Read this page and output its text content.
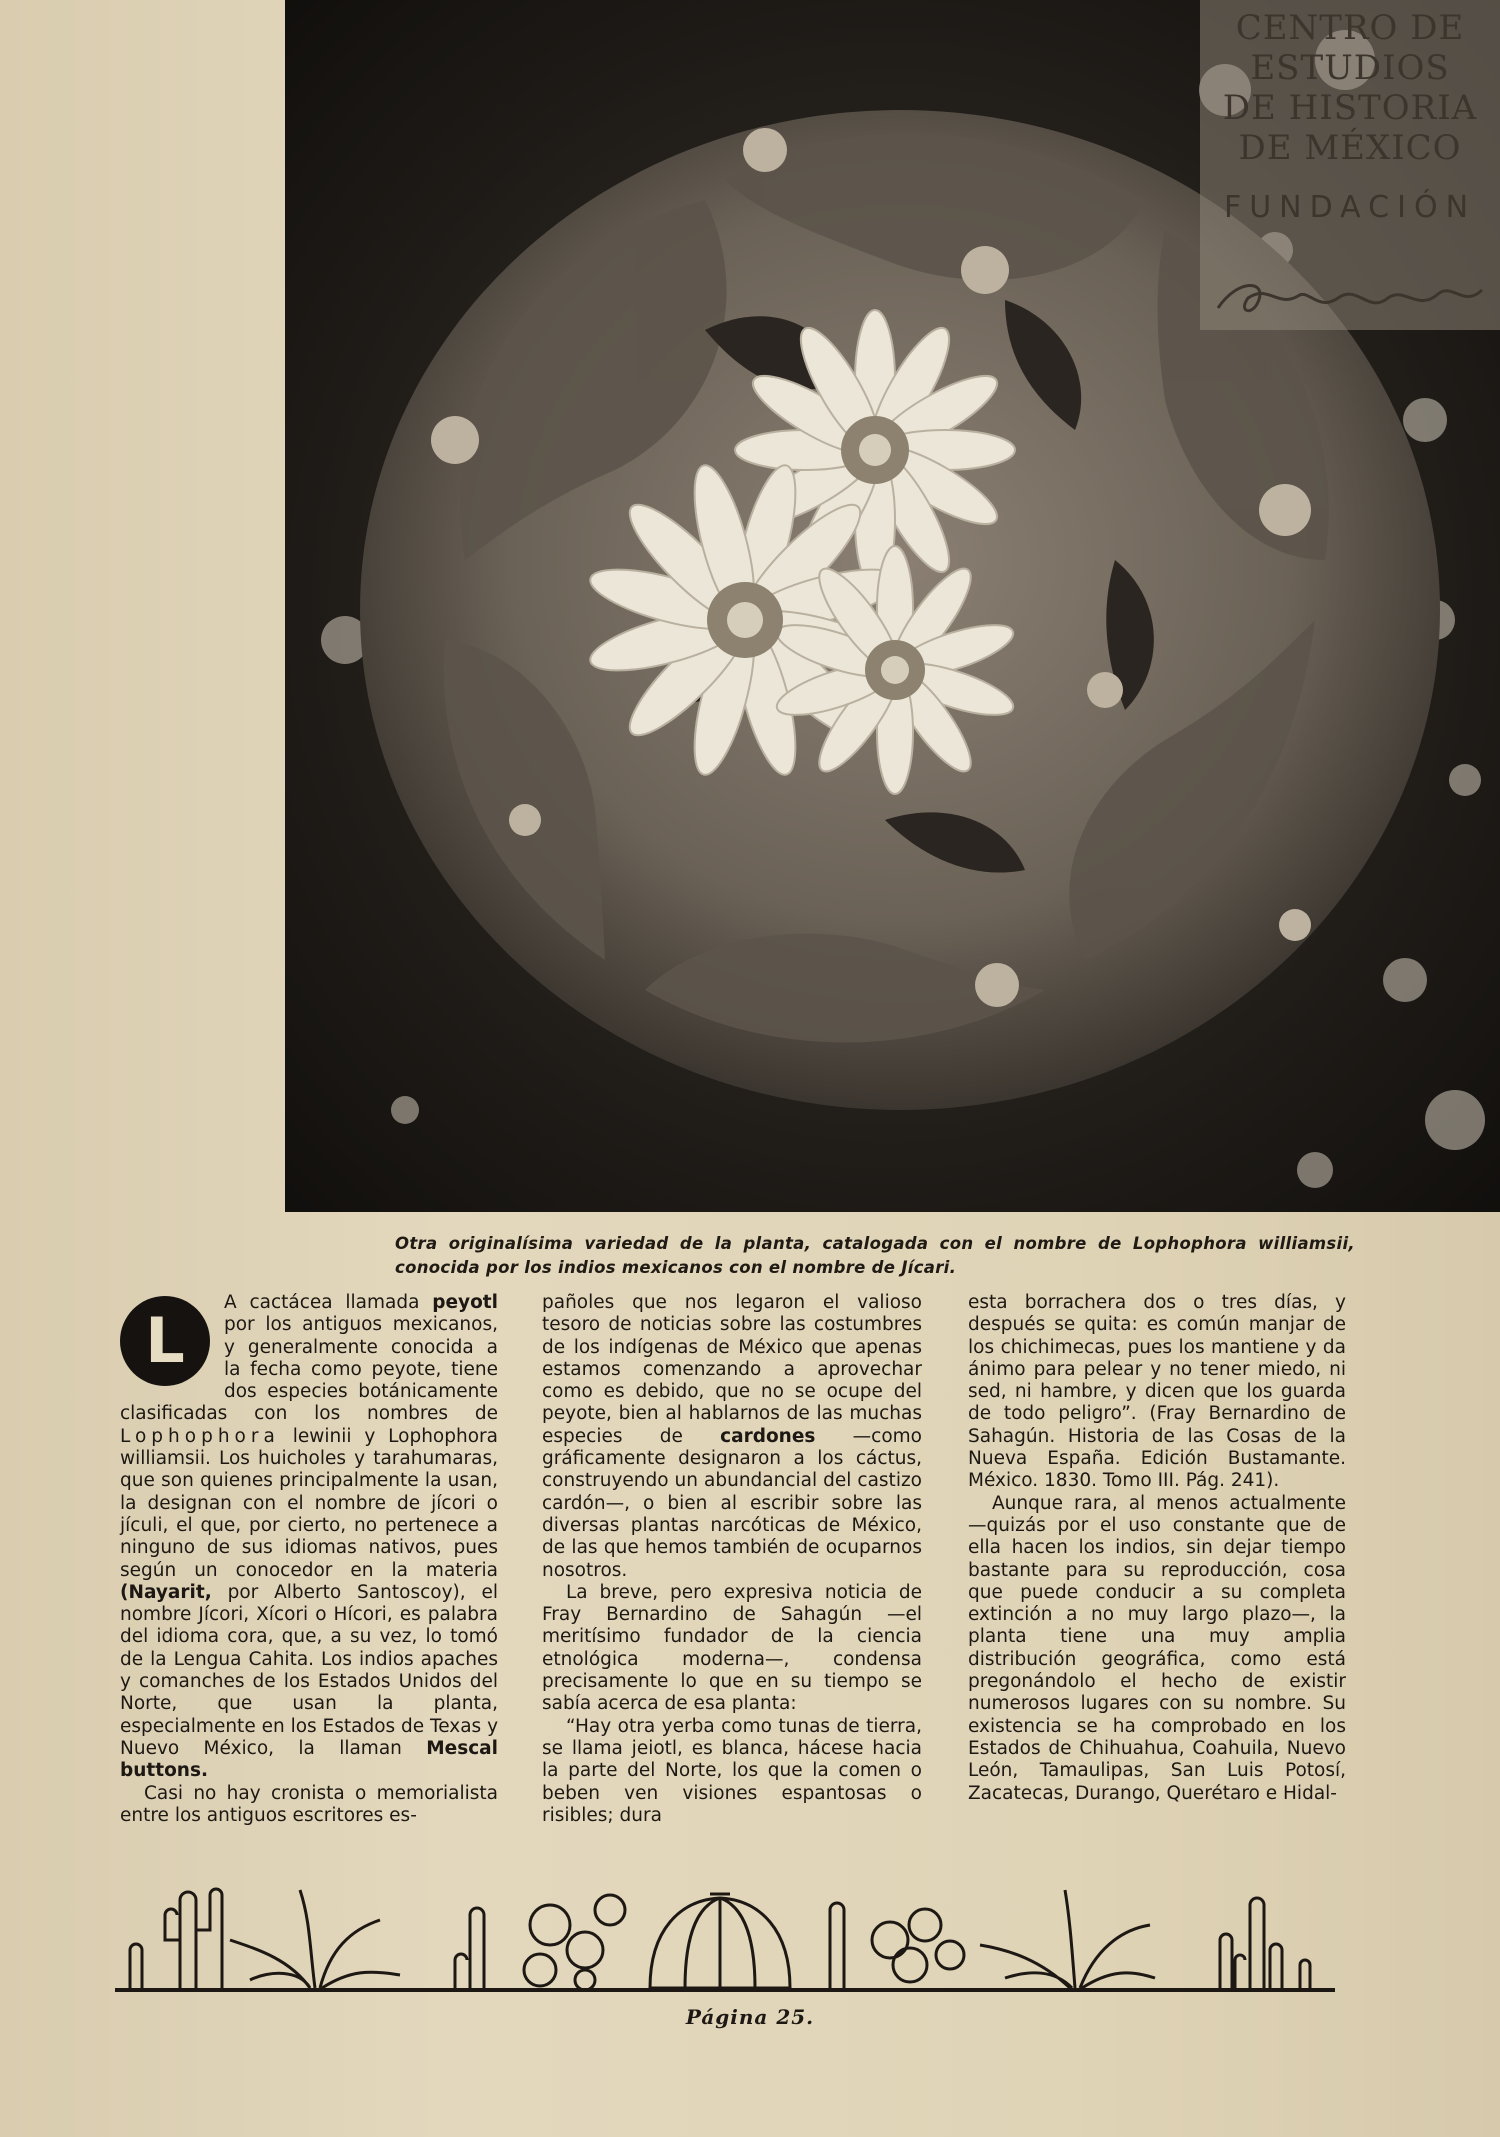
CENTRO DE
ESTUDIOS
DE HISTORIA
DE MÉXICO
FUNDACIÓN
Otra originalísima variedad de la planta, catalogada con el nombre de Lophophora williamsii, conocida por los indios mexicanos con el nombre de Jícari.

L
A cactácea llamada peyotl por los antiguos mexicanos, y generalmente conocida a la fecha como peyote, tiene dos especies botánicamente clasificadas con los nombres de Lophophora lewinii y Lophophora williamsii. Los huicholes y tarahumaras, que son quienes principalmente la usan, la designan con el nombre de jícori o jículi, el que, por cierto, no pertenece a ninguno de sus idiomas nativos, pues según un conocedor en la materia (Nayarit, por Alberto Santoscoy), el nombre Jícori, Xícori o Hícori, es palabra del idioma cora, que, a su vez, lo tomó de la Lengua Cahita. Los indios apaches y comanches de los Estados Unidos del Norte, que usan la planta, especialmente en los Estados de Texas y Nuevo México, la llaman Mescal buttons.

Casi no hay cronista o memorialista entre los antiguos escritores es-

pañoles que nos legaron el valioso tesoro de noticias sobre las costumbres de los indígenas de México que apenas estamos comenzando a aprovechar como es debido, que no se ocupe del peyote, bien al hablarnos de las muchas especies de cardones —como gráficamente designaron a los cáctus, construyendo un abundancial del castizo cardón—, o bien al escribir sobre las diversas plantas narcóticas de México, de las que hemos también de ocuparnos nosotros.

La breve, pero expresiva noticia de Fray Bernardino de Sahagún —el meritísimo fundador de la ciencia etnológica moderna—, condensa precisamente lo que en su tiempo se sabía acerca de esa planta:

“Hay otra yerba como tunas de tierra, se llama jeiotl, es blanca, hácese hacia la parte del Norte, los que la comen o beben ven visiones espantosas o risibles; dura

esta borrachera dos o tres días, y después se quita: es común manjar de los chichimecas, pues los mantiene y da ánimo para pelear y no tener miedo, ni sed, ni hambre, y dicen que los guarda de todo peligro”. (Fray Bernardino de Sahagún. Historia de las Cosas de la Nueva España. Edición Bustamante. México. 1830. Tomo III. Pág. 241).

Aunque rara, al menos actualmente —quizás por el uso constante que de ella hacen los indios, sin dejar tiempo bastante para su reproducción, cosa que puede conducir a su completa extinción a no muy largo plazo—, la planta tiene una muy amplia distribución geográfica, como está pregonándolo el hecho de existir numerosos lugares con su nombre. Su existencia se ha comprobado en los Estados de Chihuahua, Coahuila, Nuevo León, Tamaulipas, San Luis Potosí, Zacatecas, Durango, Querétaro e Hidal-

Página 25.
